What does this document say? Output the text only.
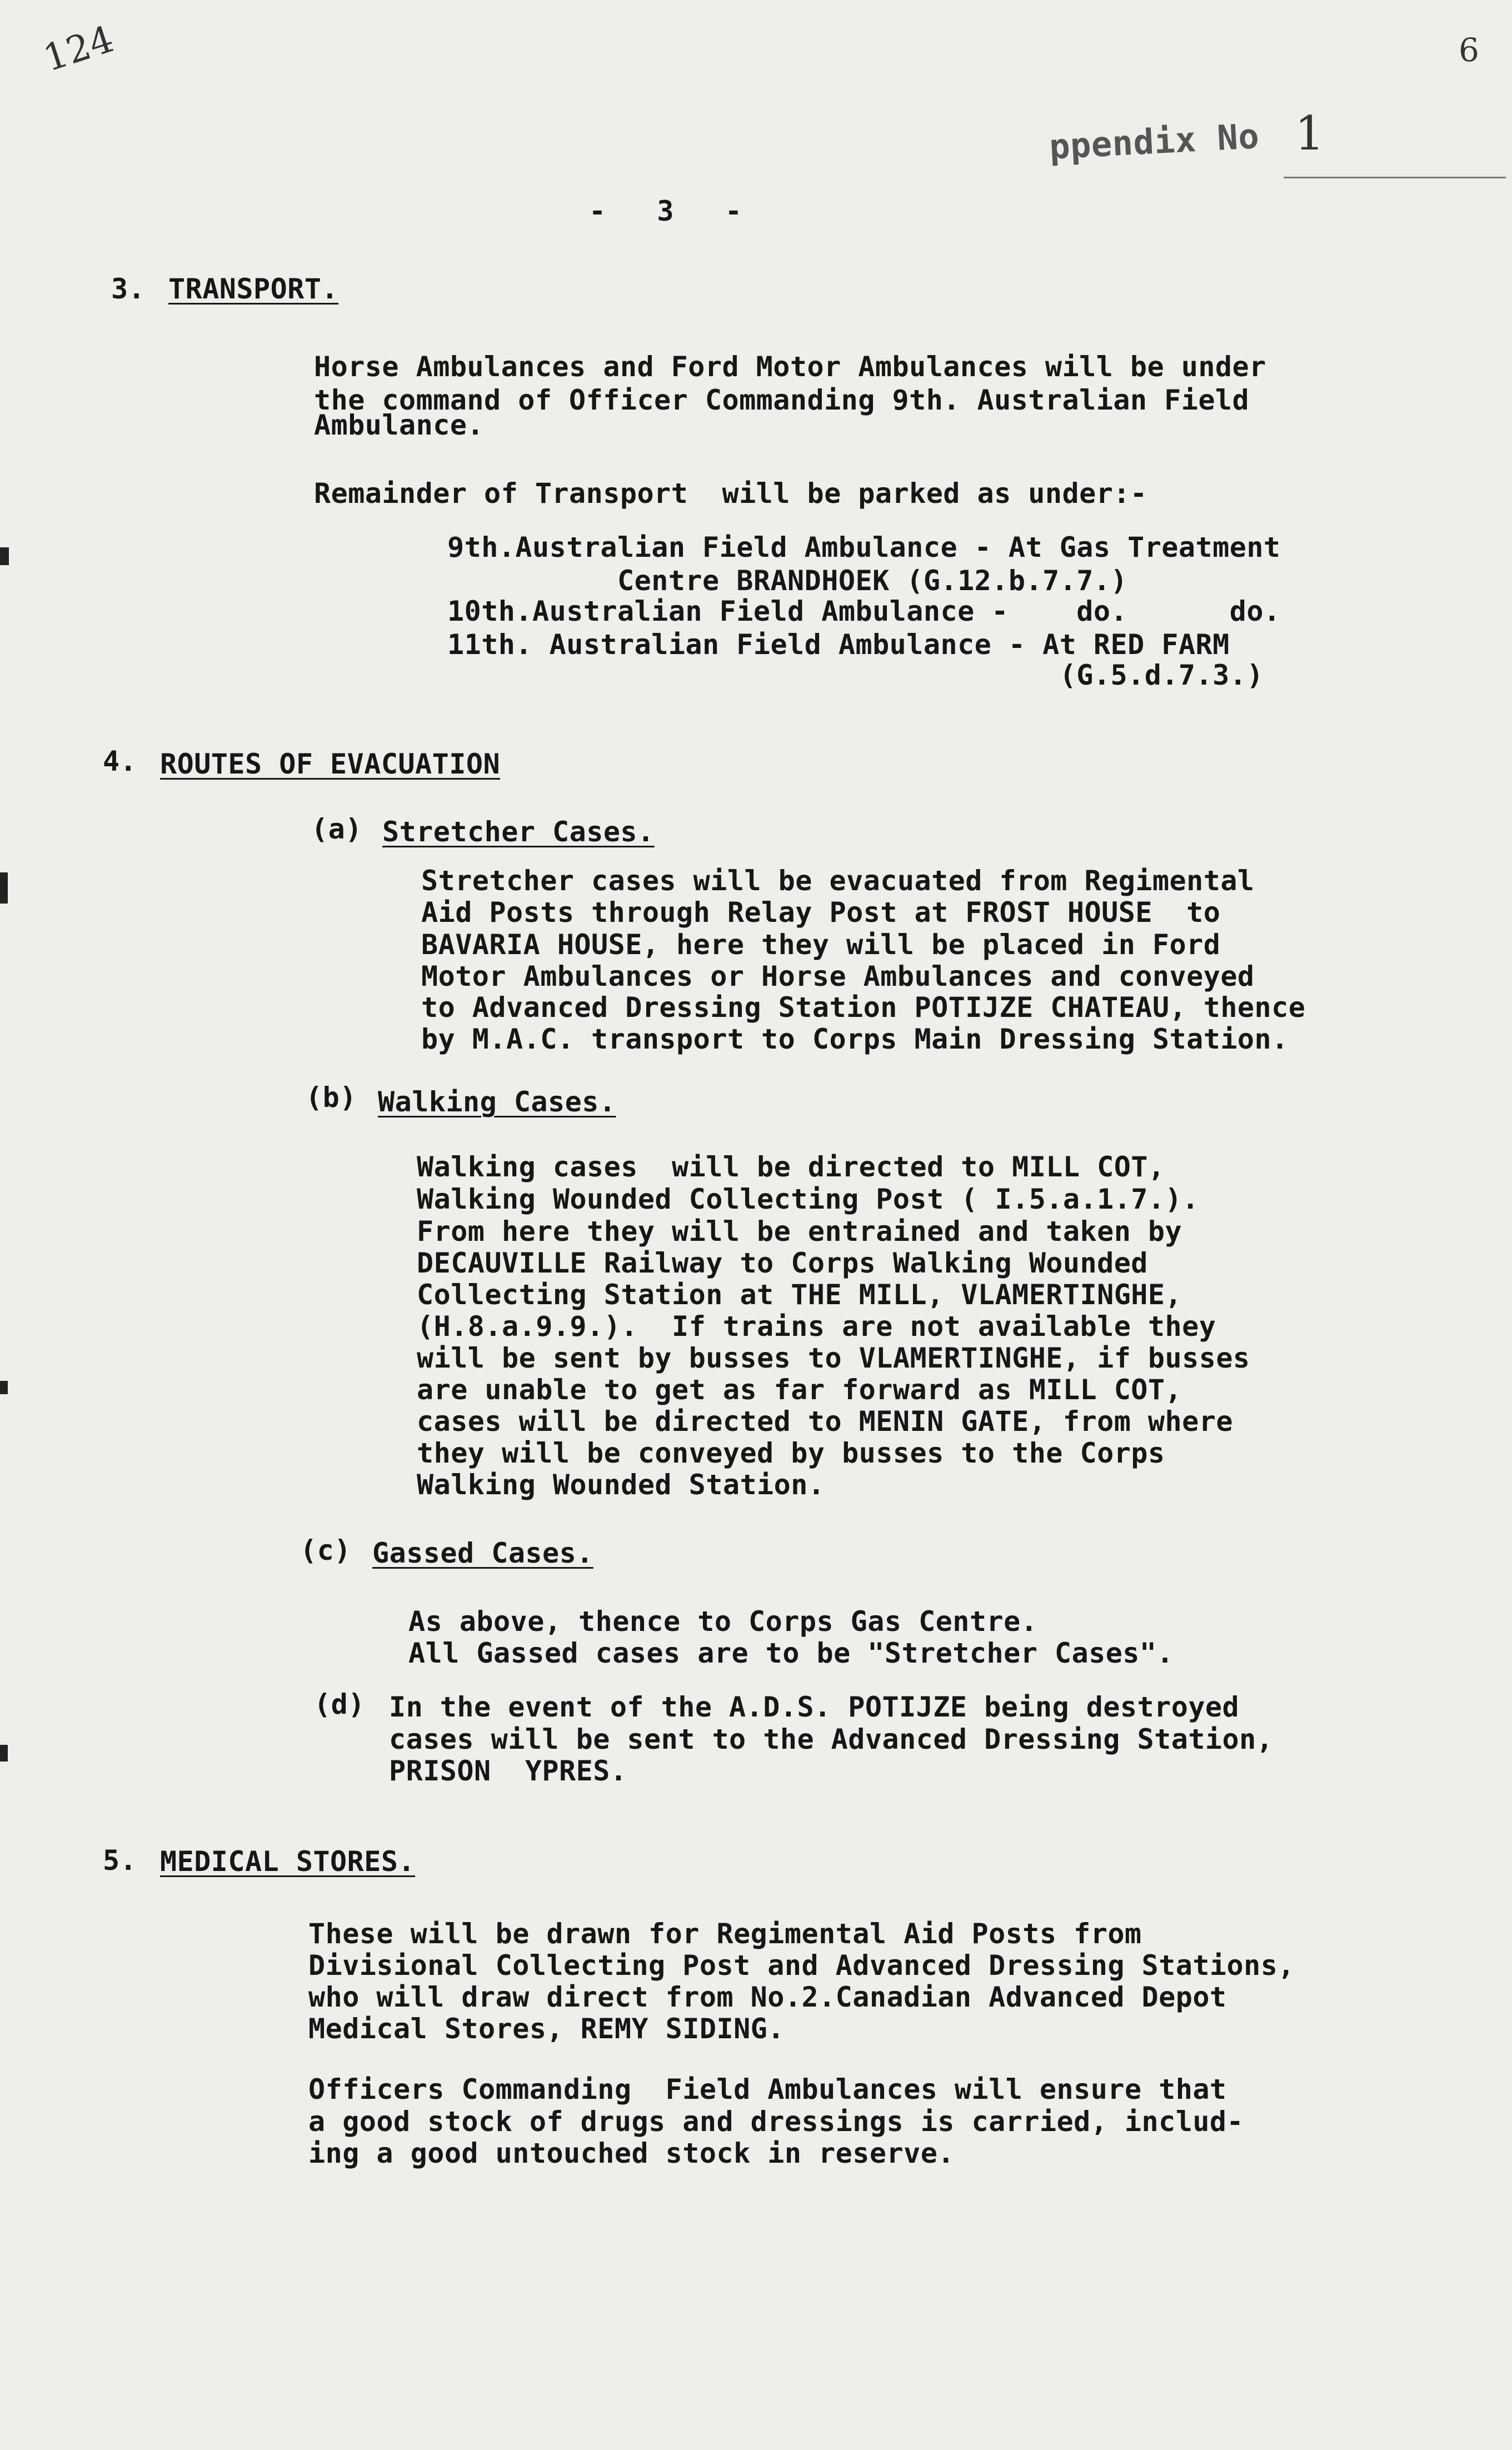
124	6
ppendix No 1
-   3   -
3. TRANSPORT.
Horse Ambulances and Ford Motor Ambulances will be under
the command of Officer Commanding 9th. Australian Field
Ambulance.
Remainder of Transport  will be parked as under:-
9th.Australian Field Ambulance - At Gas Treatment
Centre BRANDHOEK (G.12.b.7.7.)
10th.Australian Field Ambulance -    do.      do.
11th. Australian Field Ambulance - At RED FARM
(G.5.d.7.3.)
4. ROUTES OF EVACUATION
(a) Stretcher Cases.
Stretcher cases will be evacuated from Regimental
Aid Posts through Relay Post at FROST HOUSE  to
BAVARIA HOUSE, here they will be placed in Ford
Motor Ambulances or Horse Ambulances and conveyed
to Advanced Dressing Station POTIJZE CHATEAU, thence
by M.A.C. transport to Corps Main Dressing Station.
(b) Walking Cases.
Walking cases  will be directed to MILL COT,
Walking Wounded Collecting Post ( I.5.a.1.7.).
From here they will be entrained and taken by
DECAUVILLE Railway to Corps Walking Wounded
Collecting Station at THE MILL, VLAMERTINGHE,
(H.8.a.9.9.).  If trains are not available they
will be sent by busses to VLAMERTINGHE, if busses
are unable to get as far forward as MILL COT,
cases will be directed to MENIN GATE, from where
they will be conveyed by busses to the Corps
Walking Wounded Station.
(c) Gassed Cases.
As above, thence to Corps Gas Centre.
All Gassed cases are to be "Stretcher Cases".
(d) In the event of the A.D.S. POTIJZE being destroyed
cases will be sent to the Advanced Dressing Station,
PRISON  YPRES.
5. MEDICAL STORES.
These will be drawn for Regimental Aid Posts from
Divisional Collecting Post and Advanced Dressing Stations,
who will draw direct from No.2.Canadian Advanced Depot
Medical Stores, REMY SIDING.
Officers Commanding  Field Ambulances will ensure that
a good stock of drugs and dressings is carried, includ-
ing a good untouched stock in reserve.
